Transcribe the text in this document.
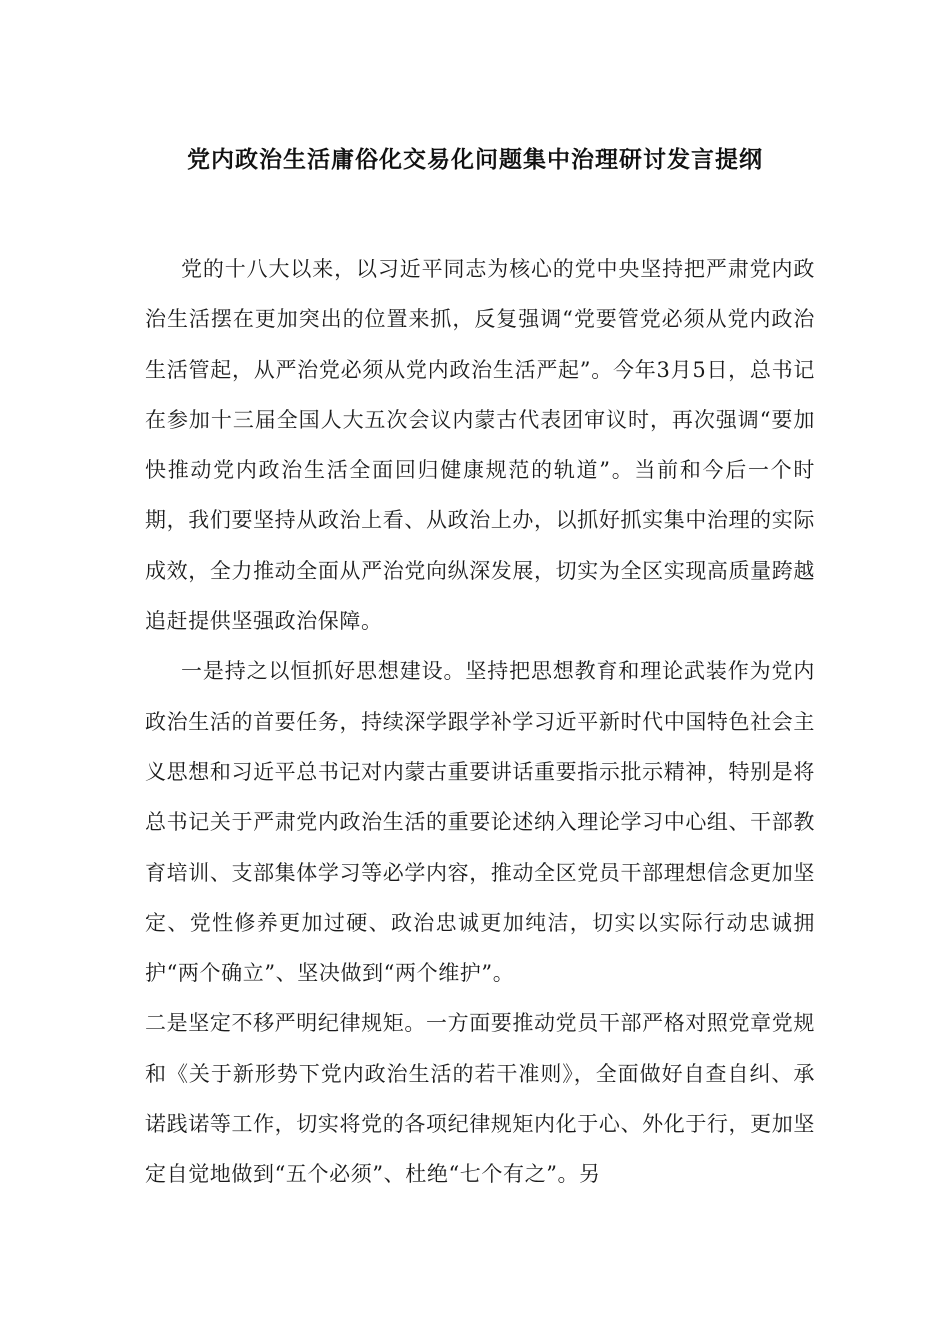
党内政治生活庸俗化交易化问题集中治理研讨发言提纲

党的十八大以来，以习近平同志为核心的党中央坚持把严肃党内政治生活摆在更加突出的位置来抓，反复强调“党要管党必须从党内政治生活管起，从严治党必须从党内政治生活严起”。今年3月5日，总书记在参加十三届全国人大五次会议内蒙古代表团审议时，再次强调“要加快推动党内政治生活全面回归健康规范的轨道”。当前和今后一个时期，我们要坚持从政治上看、从政治上办，以抓好抓实集中治理的实际成效，全力推动全面从严治党向纵深发展，切实为全区实现高质量跨越追赶提供坚强政治保障。

一是持之以恒抓好思想建设。坚持把思想教育和理论武装作为党内政治生活的首要任务，持续深学跟学补学习近平新时代中国特色社会主义思想和习近平总书记对内蒙古重要讲话重要指示批示精神，特别是将总书记关于严肃党内政治生活的重要论述纳入理论学习中心组、干部教育培训、支部集体学习等必学内容，推动全区党员干部理想信念更加坚定、党性修养更加过硬、政治忠诚更加纯洁，切实以实际行动忠诚拥护“两个确立”、坚决做到“两个维护”。

二是坚定不移严明纪律规矩。一方面要推动党员干部严格对照党章党规和《关于新形势下党内政治生活的若干准则》，全面做好自查自纠、承诺践诺等工作，切实将党的各项纪律规矩内化于心、外化于行，更加坚定自觉地做到“五个必须”、杜绝“七个有之”。另
